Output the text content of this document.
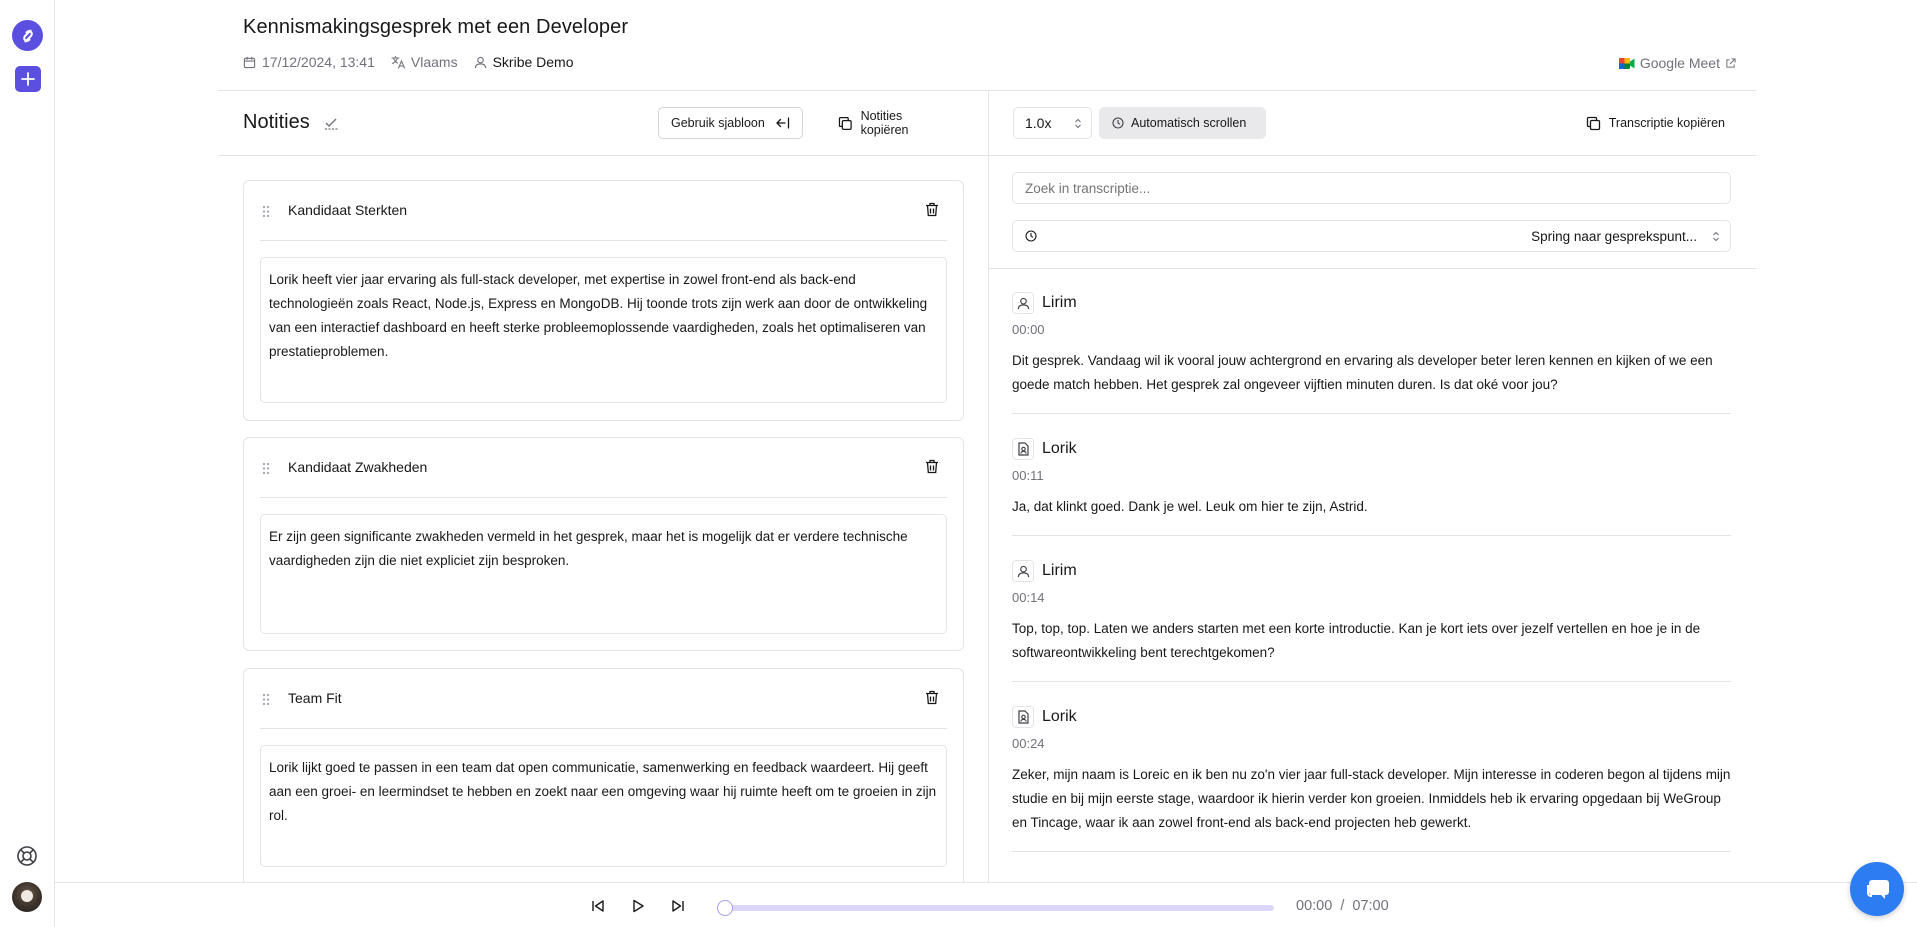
Kennismakingsgesprek met een Developer
17/12/2024, 13:41	Vlaams	Skribe Demo	Google Meet
Notities	Gebruik sjabloon	Notities kopiëren
Kandidaat Sterkten
Lorik heeft vier jaar ervaring als full-stack developer, met expertise in zowel front-end als back-end technologieën zoals React, Node.js, Express en MongoDB. Hij toonde trots zijn werk aan door de ontwikkeling van een interactief dashboard en heeft sterke probleemoplossende vaardigheden, zoals het optimaliseren van prestatieproblemen.
Kandidaat Zwakheden
Er zijn geen significante zwakheden vermeld in het gesprek, maar het is mogelijk dat er verdere technische vaardigheden zijn die niet expliciet zijn besproken.
Team Fit
Lorik lijkt goed te passen in een team dat open communicatie, samenwerking en feedback waardeert. Hij geeft aan een groei- en leermindset te hebben en zoekt naar een omgeving waar hij ruimte heeft om te groeien in zijn rol.
1.0x	Automatisch scrollen	Transcriptie kopiëren
Zoek in transcriptie...
Spring naar gesprekspunt...
Lirim
00:00
Dit gesprek. Vandaag wil ik vooral jouw achtergrond en ervaring als developer beter leren kennen en kijken of we een goede match hebben. Het gesprek zal ongeveer vijftien minuten duren. Is dat oké voor jou?
Lorik
00:11
Ja, dat klinkt goed. Dank je wel. Leuk om hier te zijn, Astrid.
Lirim
00:14
Top, top, top. Laten we anders starten met een korte introductie. Kan je kort iets over jezelf vertellen en hoe je in de softwareontwikkeling bent terechtgekomen?
Lorik
00:24
Zeker, mijn naam is Loreic en ik ben nu zo'n vier jaar full-stack developer. Mijn interesse in coderen begon al tijdens mijn studie en bij mijn eerste stage, waardoor ik hierin verder kon groeien. Inmiddels heb ik ervaring opgedaan bij WeGroup en Tincage, waar ik aan zowel front-end als back-end projecten heb gewerkt.
00:00 / 07:00
